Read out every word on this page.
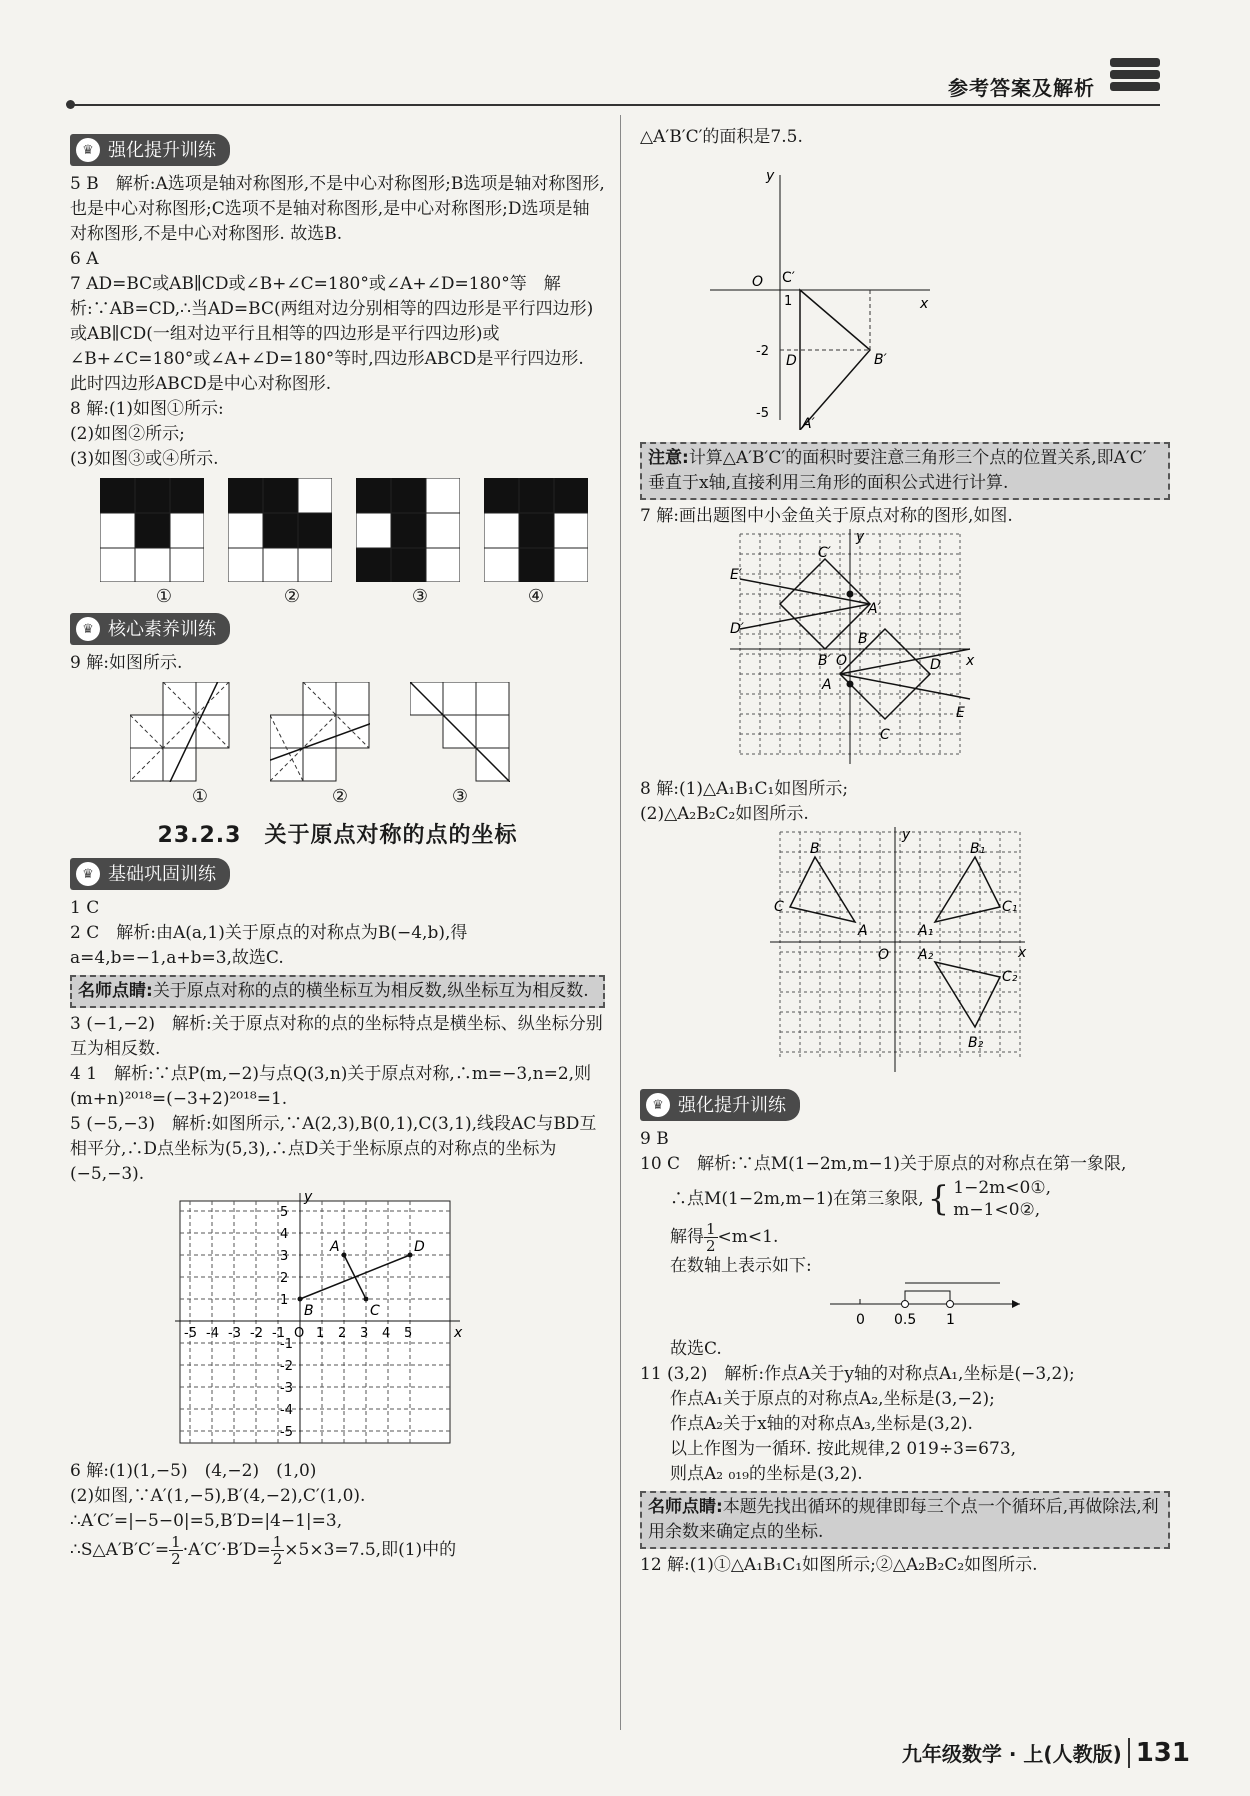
参考答案及解析
♛ 强化提升训练

5 B　解析:A选项是轴对称图形,不是中心对称图形;B选项是轴对称图形,也是中心对称图形;C选项不是轴对称图形,是中心对称图形;D选项是轴对称图形,不是中心对称图形. 故选B.

6 A

7 AD=BC或AB∥CD或∠B+∠C=180°或∠A+∠D=180°等　解析:∵AB=CD,∴当AD=BC(两组对边分别相等的四边形是平行四边形)或AB∥CD(一组对边平行且相等的四边形是平行四边形)或∠B+∠C=180°或∠A+∠D=180°等时,四边形ABCD是平行四边形. 此时四边形ABCD是中心对称图形.

8 解:(1)如图①所示:

(2)如图②所示;

(3)如图③或④所示.

①	②	③	④
♛ 核心素养训练

9 解:如图所示.

①	②	③
23.2.3　关于原点对称的点的坐标
♛ 基础巩固训练

1 C

2 C　解析:由A(a,1)关于原点的对称点为B(−4,b),得a=4,b=−1,a+b=3,故选C.

名师点睛:关于原点对称的点的横坐标互为相反数,纵坐标互为相反数.

3 (−1,−2)　解析:关于原点对称的点的坐标特点是横坐标、纵坐标分别互为相反数.

4 1　解析:∵点P(m,−2)与点Q(3,n)关于原点对称,∴m=−3,n=2,则(m+n)²⁰¹⁸=(−3+2)²⁰¹⁸=1.

5 (−5,−3)　解析:如图所示,∵A(2,3),B(0,1),C(3,1),线段AC与BD互相平分,∴D点坐标为(5,3),∴点D关于坐标原点的对称点的坐标为(−5,−3).

x
y
-5
-5
-4
-4
-3
-3
-2
-2
-1
-1
O 1
1
2
2
3
3
4
4
5
5
A
B	C
D

6 解:(1)(1,−5)　(4,−2)　(1,0)

(2)如图,∵A′(1,−5),B′(4,−2),C′(1,0).

∴A′C′=|−5−0|=5,B′D=|4−1|=3,

∴S△A′B′C′= $\frac{1}{2} \cdot A'C'\cdot B'D= \frac{1}{2} \times 5\times 3=7.5$,即(1)中的

△A′B′C′的面积是7.5.

x
y
O C′
1
-2
D	B′
-5
A′
注意:计算△A′B′C′的面积时要注意三角形三个点的位置关系,即A′C′垂直于x轴,直接利用三角形的面积公式进行计算.

7 解:画出题图中小金鱼关于原点对称的图形,如图.

x
y
C′
E′
D′
A′
B′ O
B
D
A
C
E

8 解:(1)△A₁B₁C₁如图所示;

(2)△A₂B₂C₂如图所示.

x
y
B	B₁
C	C₁
A	A₁
O A₂
C₂
B₂

♛ 强化提升训练

9 B

10 C　解析:∵点M(1−2m,m−1)关于原点的对称点在第一象限,

∴点M(1−2m,m−1)在第三象限, { 1−2m<0①,
m−1<0②,

解得 $\frac{1}{2} <m<1$.

在数轴上表示如下:

0 0.5 1

故选C.

11 (3,2)　解析:作点A关于y轴的对称点A₁,坐标是(−3,2);

作点A₁关于原点的对称点A₂,坐标是(3,−2);

作点A₂关于x轴的对称点A₃,坐标是(3,2).

以上作图为一循环. 按此规律,2 019÷3=673,

则点A₂ ₀₁₉的坐标是(3,2).

名师点睛:本题先找出循环的规律即每三个点一个循环后,再做除法,利用余数来确定点的坐标.

12 解:(1)①△A₁B₁C₁如图所示;②△A₂B₂C₂如图所示.

九年级数学 · 上(人教版) 131
